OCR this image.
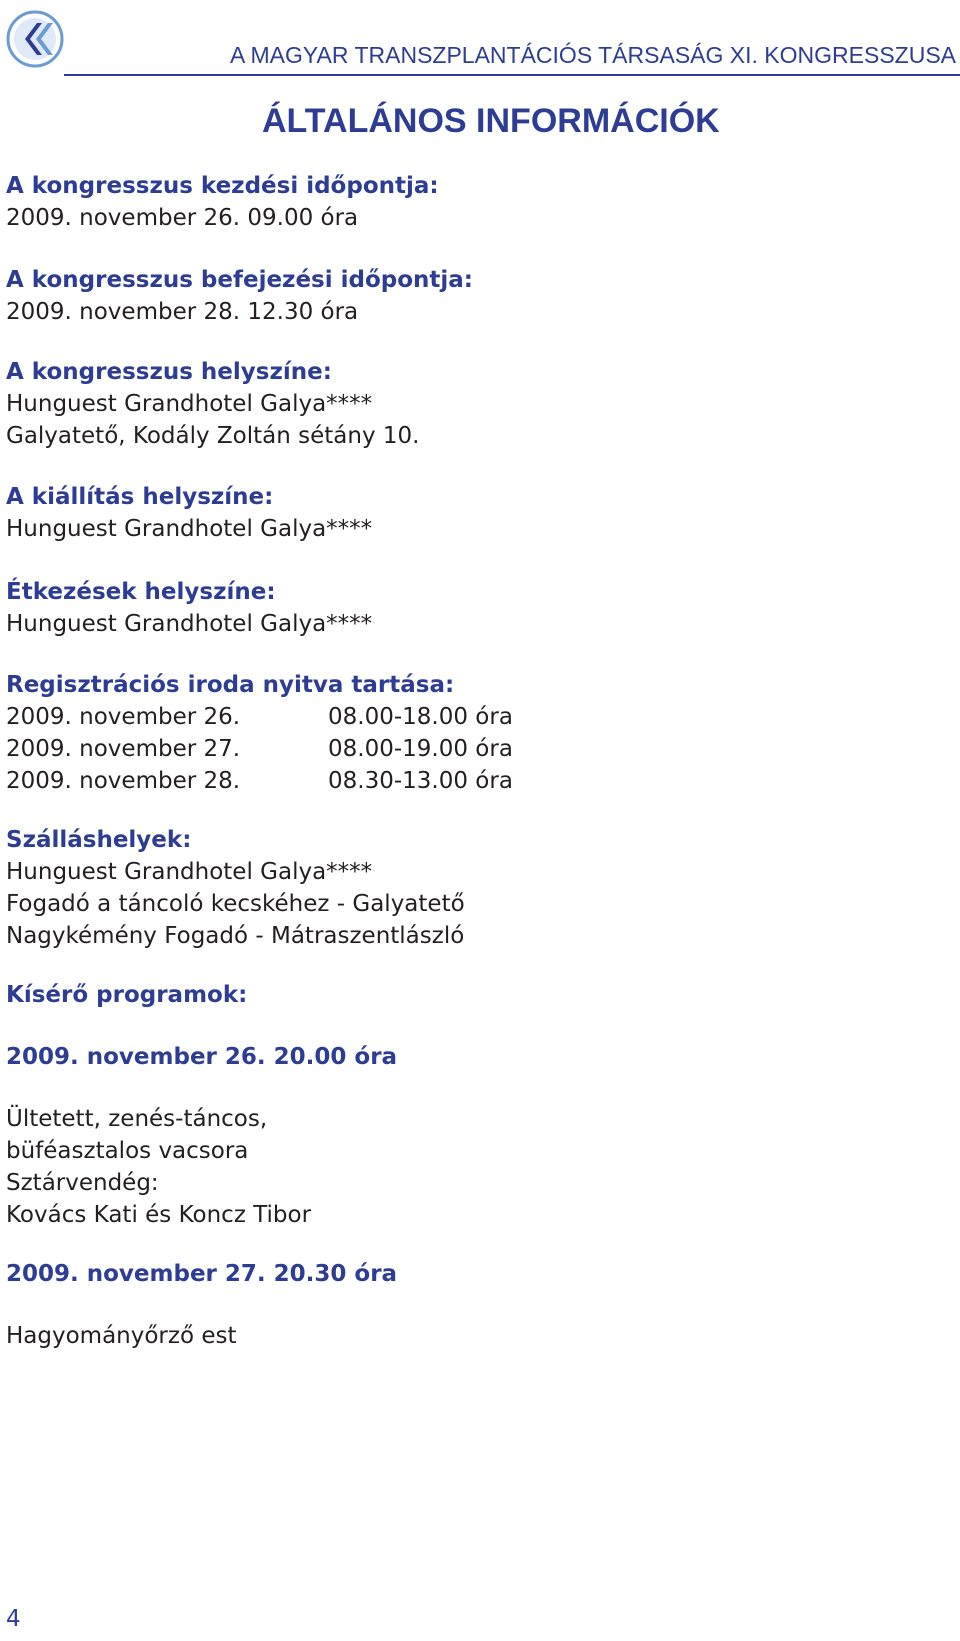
A MAGYAR TRANSZPLANTÁCIÓS TÁRSASÁG XI. KONGRESSZUSA

ÁLTALÁNOS INFORMÁCIÓK

A kongresszus kezdési időpontja:

2009. november 26. 09.00 óra

A kongresszus befejezési időpontja:

2009. november 28. 12.30 óra

A kongresszus helyszíne:

Hunguest Grandhotel Galya****

Galyatető, Kodály Zoltán sétány 10.

A kiállítás helyszíne:

Hunguest Grandhotel Galya****

Étkezések helyszíne:

Hunguest Grandhotel Galya****

Regisztrációs iroda nyitva tartása:

2009. november 26.	08.00-18.00 óra

2009. november 27.	08.00-19.00 óra

2009. november 28.	08.30-13.00 óra

Szálláshelyek:

Hunguest Grandhotel Galya****

Fogadó a táncoló kecskéhez - Galyatető

Nagykémény Fogadó - Mátraszentlászló

Kísérő programok:

2009. november 26. 20.00 óra

Ültetett, zenés-táncos,

büféasztalos vacsora

Sztárvendég:

Kovács Kati és Koncz Tibor

2009. november 27. 20.30 óra

Hagyományőrző est

4
